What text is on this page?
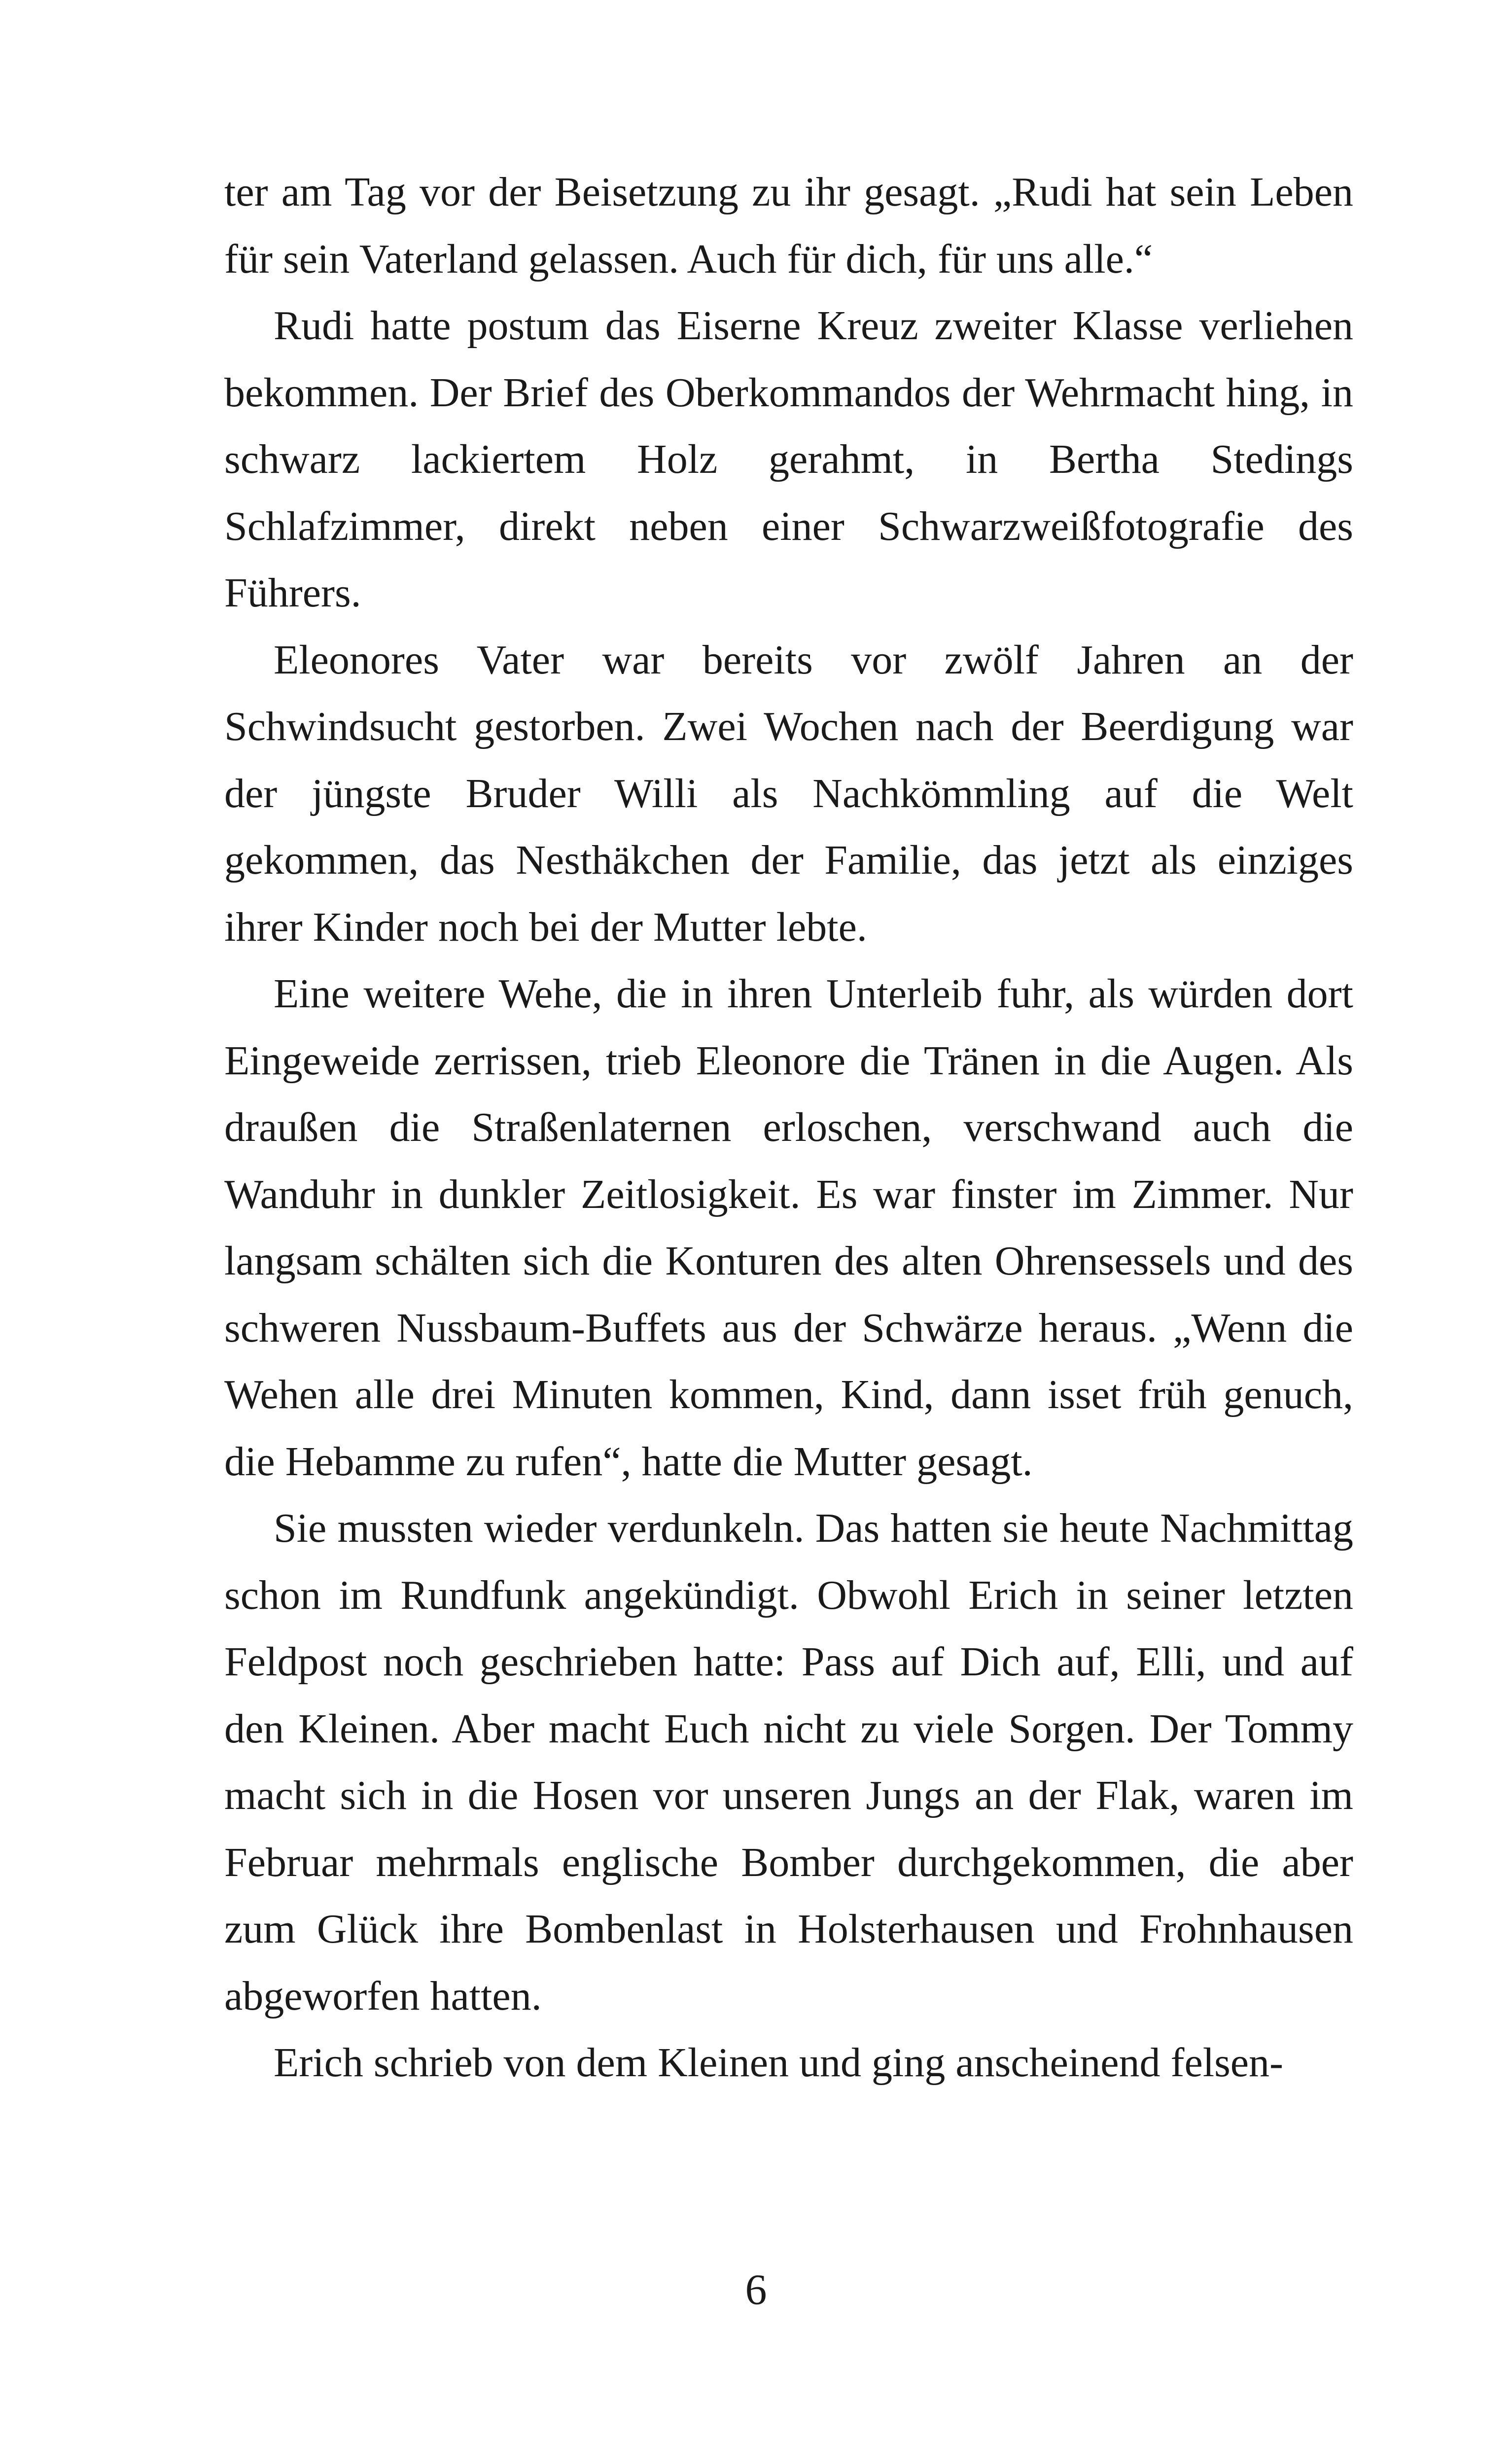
ter am Tag vor der Beisetzung zu ihr gesagt. „Rudi hat sein Leben für sein Vaterland gelassen. Auch für dich, für uns alle.“

Rudi hatte postum das Eiserne Kreuz zweiter Klasse verliehen bekommen. Der Brief des Oberkommandos der Wehrmacht hing, in schwarz lackiertem Holz gerahmt, in Bertha Stedings Schlafzimmer, direkt neben einer Schwarzweißfotografie des Führers.

Eleonores Vater war bereits vor zwölf Jahren an der Schwindsucht gestorben. Zwei Wochen nach der Beerdigung war der jüngste Bruder Willi als Nachkömmling auf die Welt gekommen, das Nesthäkchen der Familie, das jetzt als einziges ihrer Kinder noch bei der Mutter lebte.

Eine weitere Wehe, die in ihren Unterleib fuhr, als würden dort Eingeweide zerrissen, trieb Eleonore die Tränen in die Augen. Als draußen die Straßenlaternen erloschen, verschwand auch die Wanduhr in dunkler Zeitlosigkeit. Es war finster im Zimmer. Nur langsam schälten sich die Konturen des alten Ohrensessels und des schweren Nussbaum-Buffets aus der Schwärze heraus. „Wenn die Wehen alle drei Minuten kommen, Kind, dann isset früh genuch, die Hebamme zu rufen“, hatte die Mutter gesagt.

Sie mussten wieder verdunkeln. Das hatten sie heute Nachmittag schon im Rundfunk angekündigt. Obwohl Erich in seiner letzten Feldpost noch geschrieben hatte: Pass auf Dich auf, Elli, und auf den Kleinen. Aber macht Euch nicht zu viele Sorgen. Der Tommy macht sich in die Hosen vor unseren Jungs an der Flak, waren im Februar mehrmals englische Bomber durchgekommen, die aber zum Glück ihre Bombenlast in Holsterhausen und Frohnhausen abgeworfen hatten.

Erich schrieb von dem Kleinen und ging anscheinend felsen-

6
